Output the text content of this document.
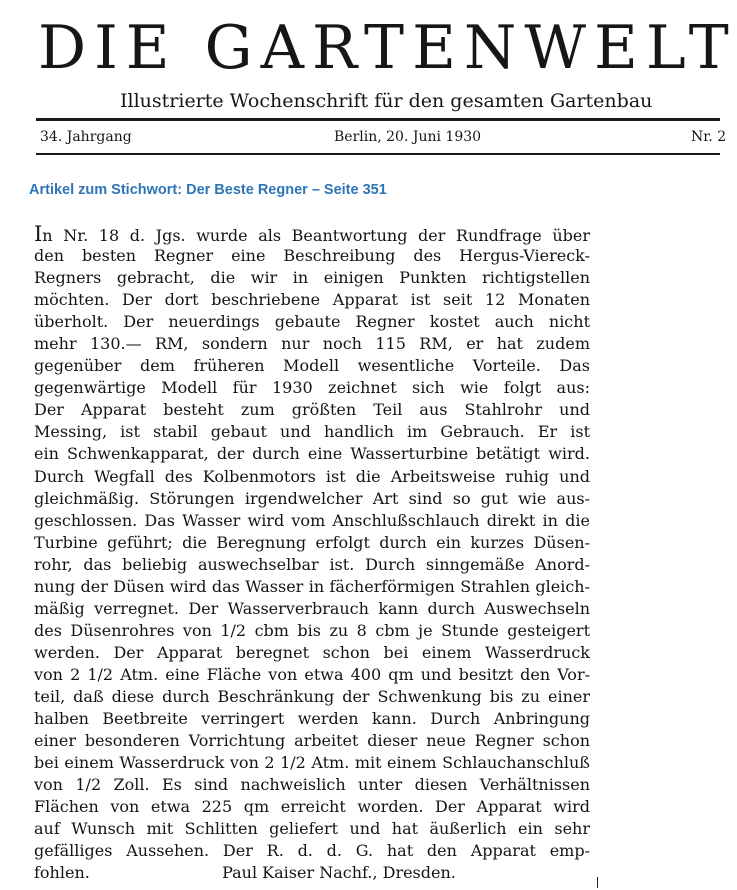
DIE GARTENWELT
Illustrierte Wochenschrift für den gesamten Gartenbau
34. Jahrgang	Berlin, 20. Juni 1930	Nr. 2
Artikel zum Stichwort: Der Beste Regner – Seite 351
In Nr. 18 d. Jgs. wurde als Beantwortung der Rundfrage über
den besten Regner eine Beschreibung des Hergus-Viereck-
Regners gebracht, die wir in einigen Punkten richtigstellen
möchten. Der dort beschriebene Apparat ist seit 12 Monaten
überholt. Der neuerdings gebaute Regner kostet auch nicht
mehr 130.— RM, sondern nur noch 115 RM, er hat zudem
gegenüber dem früheren Modell wesentliche Vorteile. Das
gegenwärtige Modell für 1930 zeichnet sich wie folgt aus:
Der Apparat besteht zum größten Teil aus Stahlrohr und
Messing, ist stabil gebaut und handlich im Gebrauch. Er ist
ein Schwenkapparat, der durch eine Wasserturbine betätigt wird.
Durch Wegfall des Kolbenmotors ist die Arbeitsweise ruhig und
gleichmäßig. Störungen irgendwelcher Art sind so gut wie aus-
geschlossen. Das Wasser wird vom Anschlußschlauch direkt in die
Turbine geführt; die Beregnung erfolgt durch ein kurzes Düsen-
rohr, das beliebig auswechselbar ist. Durch sinngemäße Anord-
nung der Düsen wird das Wasser in fächerförmigen Strahlen gleich-
mäßig verregnet. Der Wasserverbrauch kann durch Auswechseln
des Düsenrohres von 1/2 cbm bis zu 8 cbm je Stunde gesteigert
werden. Der Apparat beregnet schon bei einem Wasserdruck
von 2 1/2 Atm. eine Fläche von etwa 400 qm und besitzt den Vor-
teil, daß diese durch Beschränkung der Schwenkung bis zu einer
halben Beetbreite verringert werden kann. Durch Anbringung
einer besonderen Vorrichtung arbeitet dieser neue Regner schon
bei einem Wasserdruck von 2 1/2 Atm. mit einem Schlauchanschluß
von 1/2 Zoll. Es sind nachweislich unter diesen Verhältnissen
Flächen von etwa 225 qm erreicht worden. Der Apparat wird
auf Wunsch mit Schlitten geliefert und hat äußerlich ein sehr
gefälliges Aussehen. Der R. d. d. G. hat den Apparat emp-
fohlen.	Paul Kaiser Nachf., Dresden.
